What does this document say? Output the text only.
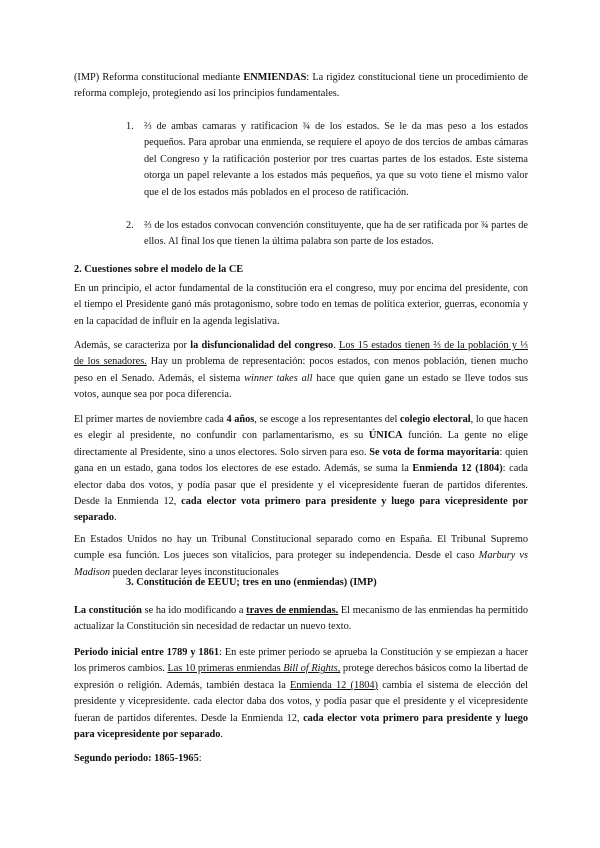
(IMP) Reforma constitucional mediante ENMIENDAS: La rigidez constitucional tiene un procedimiento de reforma complejo, protegiendo así los principios fundamentales.

1. ⅔ de ambas camaras y ratificacion ¾ de los estados. Se le da mas peso a los estados pequeños. Para aprobar una enmienda, se requiere el apoyo de dos tercios de ambas cámaras del Congreso y la ratificación posterior por tres cuartas partes de los estados. Este sistema otorga un papel relevante a los estados más pequeños, ya que su voto tiene el mismo valor que el de los estados más poblados en el proceso de ratificación.

2. ⅔ de los estados convocan convención constituyente, que ha de ser ratificada por ¾ partes de ellos. Al final los que tienen la última palabra son parte de los estados.

2. Cuestiones sobre el modelo de la CE

En un principio, el actor fundamental de la constitución era el congreso, muy por encima del presidente, con el tiempo el Presidente ganó más protagonismo, sobre todo en temas de política exterior, guerras, economía y en la capacidad de influir en la agenda legislativa.

Además, se caracteriza por la disfuncionalidad del congreso. Los 15 estados tienen ⅔ de la población y ⅓ de los senadores. Hay un problema de representación: pocos estados, con menos población, tienen mucho peso en el Senado. Además, el sistema winner takes all hace que quien gane un estado se lleve todos sus votos, aunque sea por poca diferencia.

El primer martes de noviembre cada 4 años, se escoge a los representantes del colegio electoral, lo que hacen es elegir al presidente, no confundir con parlamentarismo, es su ÚNICA función. La gente no elige directamente al Presidente, sino a unos electores. Solo sirven para eso. Se vota de forma mayoritaria: quien gana en un estado, gana todos los electores de ese estado. Además, se suma la Enmienda 12 (1804): cada elector daba dos votos, y podía pasar que el presidente y el vicepresidente fueran de partidos diferentes. Desde la Enmienda 12, cada elector vota primero para presidente y luego para vicepresidente por separado.

En Estados Unidos no hay un Tribunal Constitucional separado como en España. El Tribunal Supremo cumple esa función. Los jueces son vitalicios, para proteger su independencia. Desde el caso Marbury vs Madison pueden declarar leyes inconstitucionales

3. Constitución de EEUU; tres en uno (enmiendas) (IMP)

La constitución se ha ido modificando a traves de enmiendas. El mecanismo de las enmiendas ha permitido actualizar la Constitución sin necesidad de redactar un nuevo texto.

Periodo inicial entre 1789 y 1861: En este primer periodo se aprueba la Constitución y se empiezan a hacer los primeros cambios. Las 10 primeras enmiendas Bill of Rights, protege derechos básicos como la libertad de expresión o religión. Además, también destaca la Enmienda 12 (1804) cambia el sistema de elección del presidente y vicepresidente. cada elector daba dos votos, y podía pasar que el presidente y el vicepresidente fueran de partidos diferentes. Desde la Enmienda 12, cada elector vota primero para presidente y luego para vicepresidente por separado.

Segundo periodo: 1865-1965:
